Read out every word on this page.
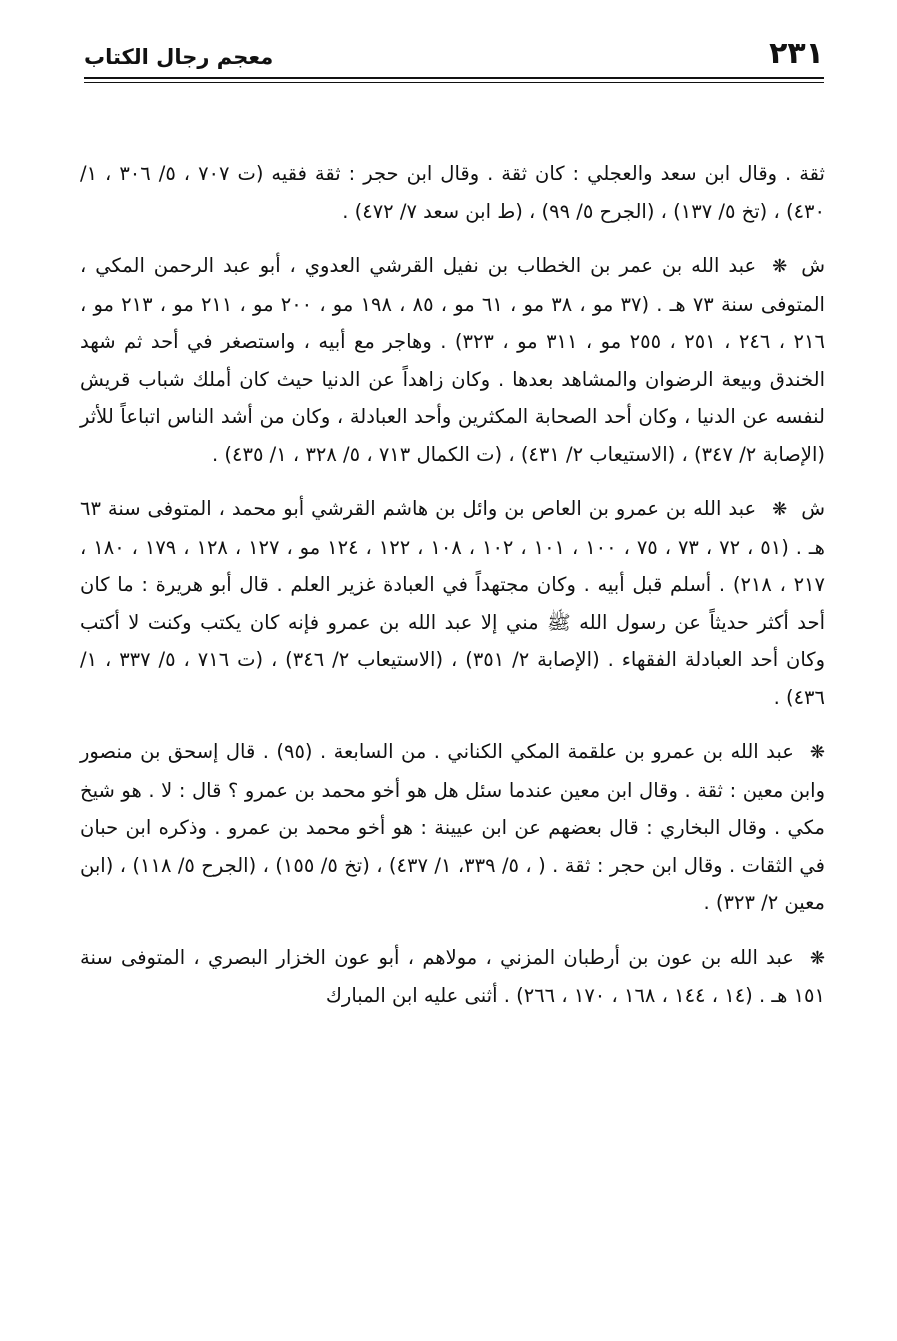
٢٣١
معجم رجال الكتاب

ثقة . وقال ابن سعد والعجلي : كان ثقة . وقال ابن حجر : ثقة فقيه (ت ٧٠٧ ، ٥/ ٣٠٦ ، ١/ ٤٣٠) ، (تخ ٥/ ١٣٧) ، (الجرح ٥/ ٩٩) ، (ط ابن سعد ٧/ ٤٧٢) .

ش❋عبد الله بن عمر بن الخطاب بن نفيل القرشي العدوي ، أبو عبد الرحمن المكي ، المتوفى سنة ٧٣ هـ . (٣٧ مو ، ٣٨ مو ، ٦١ مو ، ٨٥ ، ١٩٨ مو ، ٢٠٠ مو ، ٢١١ مو ، ٢١٣ مو ، ٢١٦ ، ٢٤٦ ، ٢٥١ ، ٢٥٥ مو ، ٣١١ مو ، ٣٢٣) . وهاجر مع أبيه ، واستصغر في أحد ثم شهد الخندق وبيعة الرضوان والمشاهد بعدها . وكان زاهداً عن الدنيا حيث كان أملك شباب قريش لنفسه عن الدنيا ، وكان أحد الصحابة المكثرين وأحد العبادلة ، وكان من أشد الناس اتباعاً للأثر (الإصابة ٢/ ٣٤٧) ، (الاستيعاب ٢/ ٤٣١) ، (ت الكمال ٧١٣ ، ٥/ ٣٢٨ ، ١/ ٤٣٥) .

ش❋عبد الله بن عمرو بن العاص بن وائل بن هاشم القرشي أبو محمد ، المتوفى سنة ٦٣ هـ . (٥١ ، ٧٢ ، ٧٣ ، ٧٥ ، ١٠٠ ، ١٠١ ، ١٠٢ ، ١٠٨ ، ١٢٢ ، ١٢٤ مو ، ١٢٧ ، ١٢٨ ، ١٧٩ ، ١٨٠ ، ٢١٧ ، ٢١٨) . أسلم قبل أبيه . وكان مجتهداً في العبادة غزير العلم . قال أبو هريرة : ما كان أحد أكثر حديثاً عن رسول الله ﷺ مني إلا عبد الله بن عمرو فإنه كان يكتب وكنت لا أكتب وكان أحد العبادلة الفقهاء . (الإصابة ٢/ ٣٥١) ، (الاستيعاب ٢/ ٣٤٦) ، (ت ٧١٦ ، ٥/ ٣٣٧ ، ١/ ٤٣٦) .

❋عبد الله بن عمرو بن علقمة المكي الكناني . من السابعة . (٩٥) . قال إسحق بن منصور وابن معين : ثقة . وقال ابن معين عندما سئل هل هو أخو محمد بن عمرو ؟ قال : لا . هو شيخ مكي . وقال البخاري : قال بعضهم عن ابن عيينة : هو أخو محمد بن عمرو . وذكره ابن حبان في الثقات . وقال ابن حجر : ثقة . ( ، ٥/ ٣٣٩، ١/ ٤٣٧) ، (تخ ٥/ ١٥٥) ، (الجرح ٥/ ١١٨) ، (ابن معين ٢/ ٣٢٣) .

❋عبد الله بن عون بن أرطبان المزني ، مولاهم ، أبو عون الخزار البصري ، المتوفى سنة ١٥١ هـ . (١٤ ، ١٤٤ ، ١٦٨ ، ١٧٠ ، ٢٦٦) . أثنى عليه ابن المبارك
